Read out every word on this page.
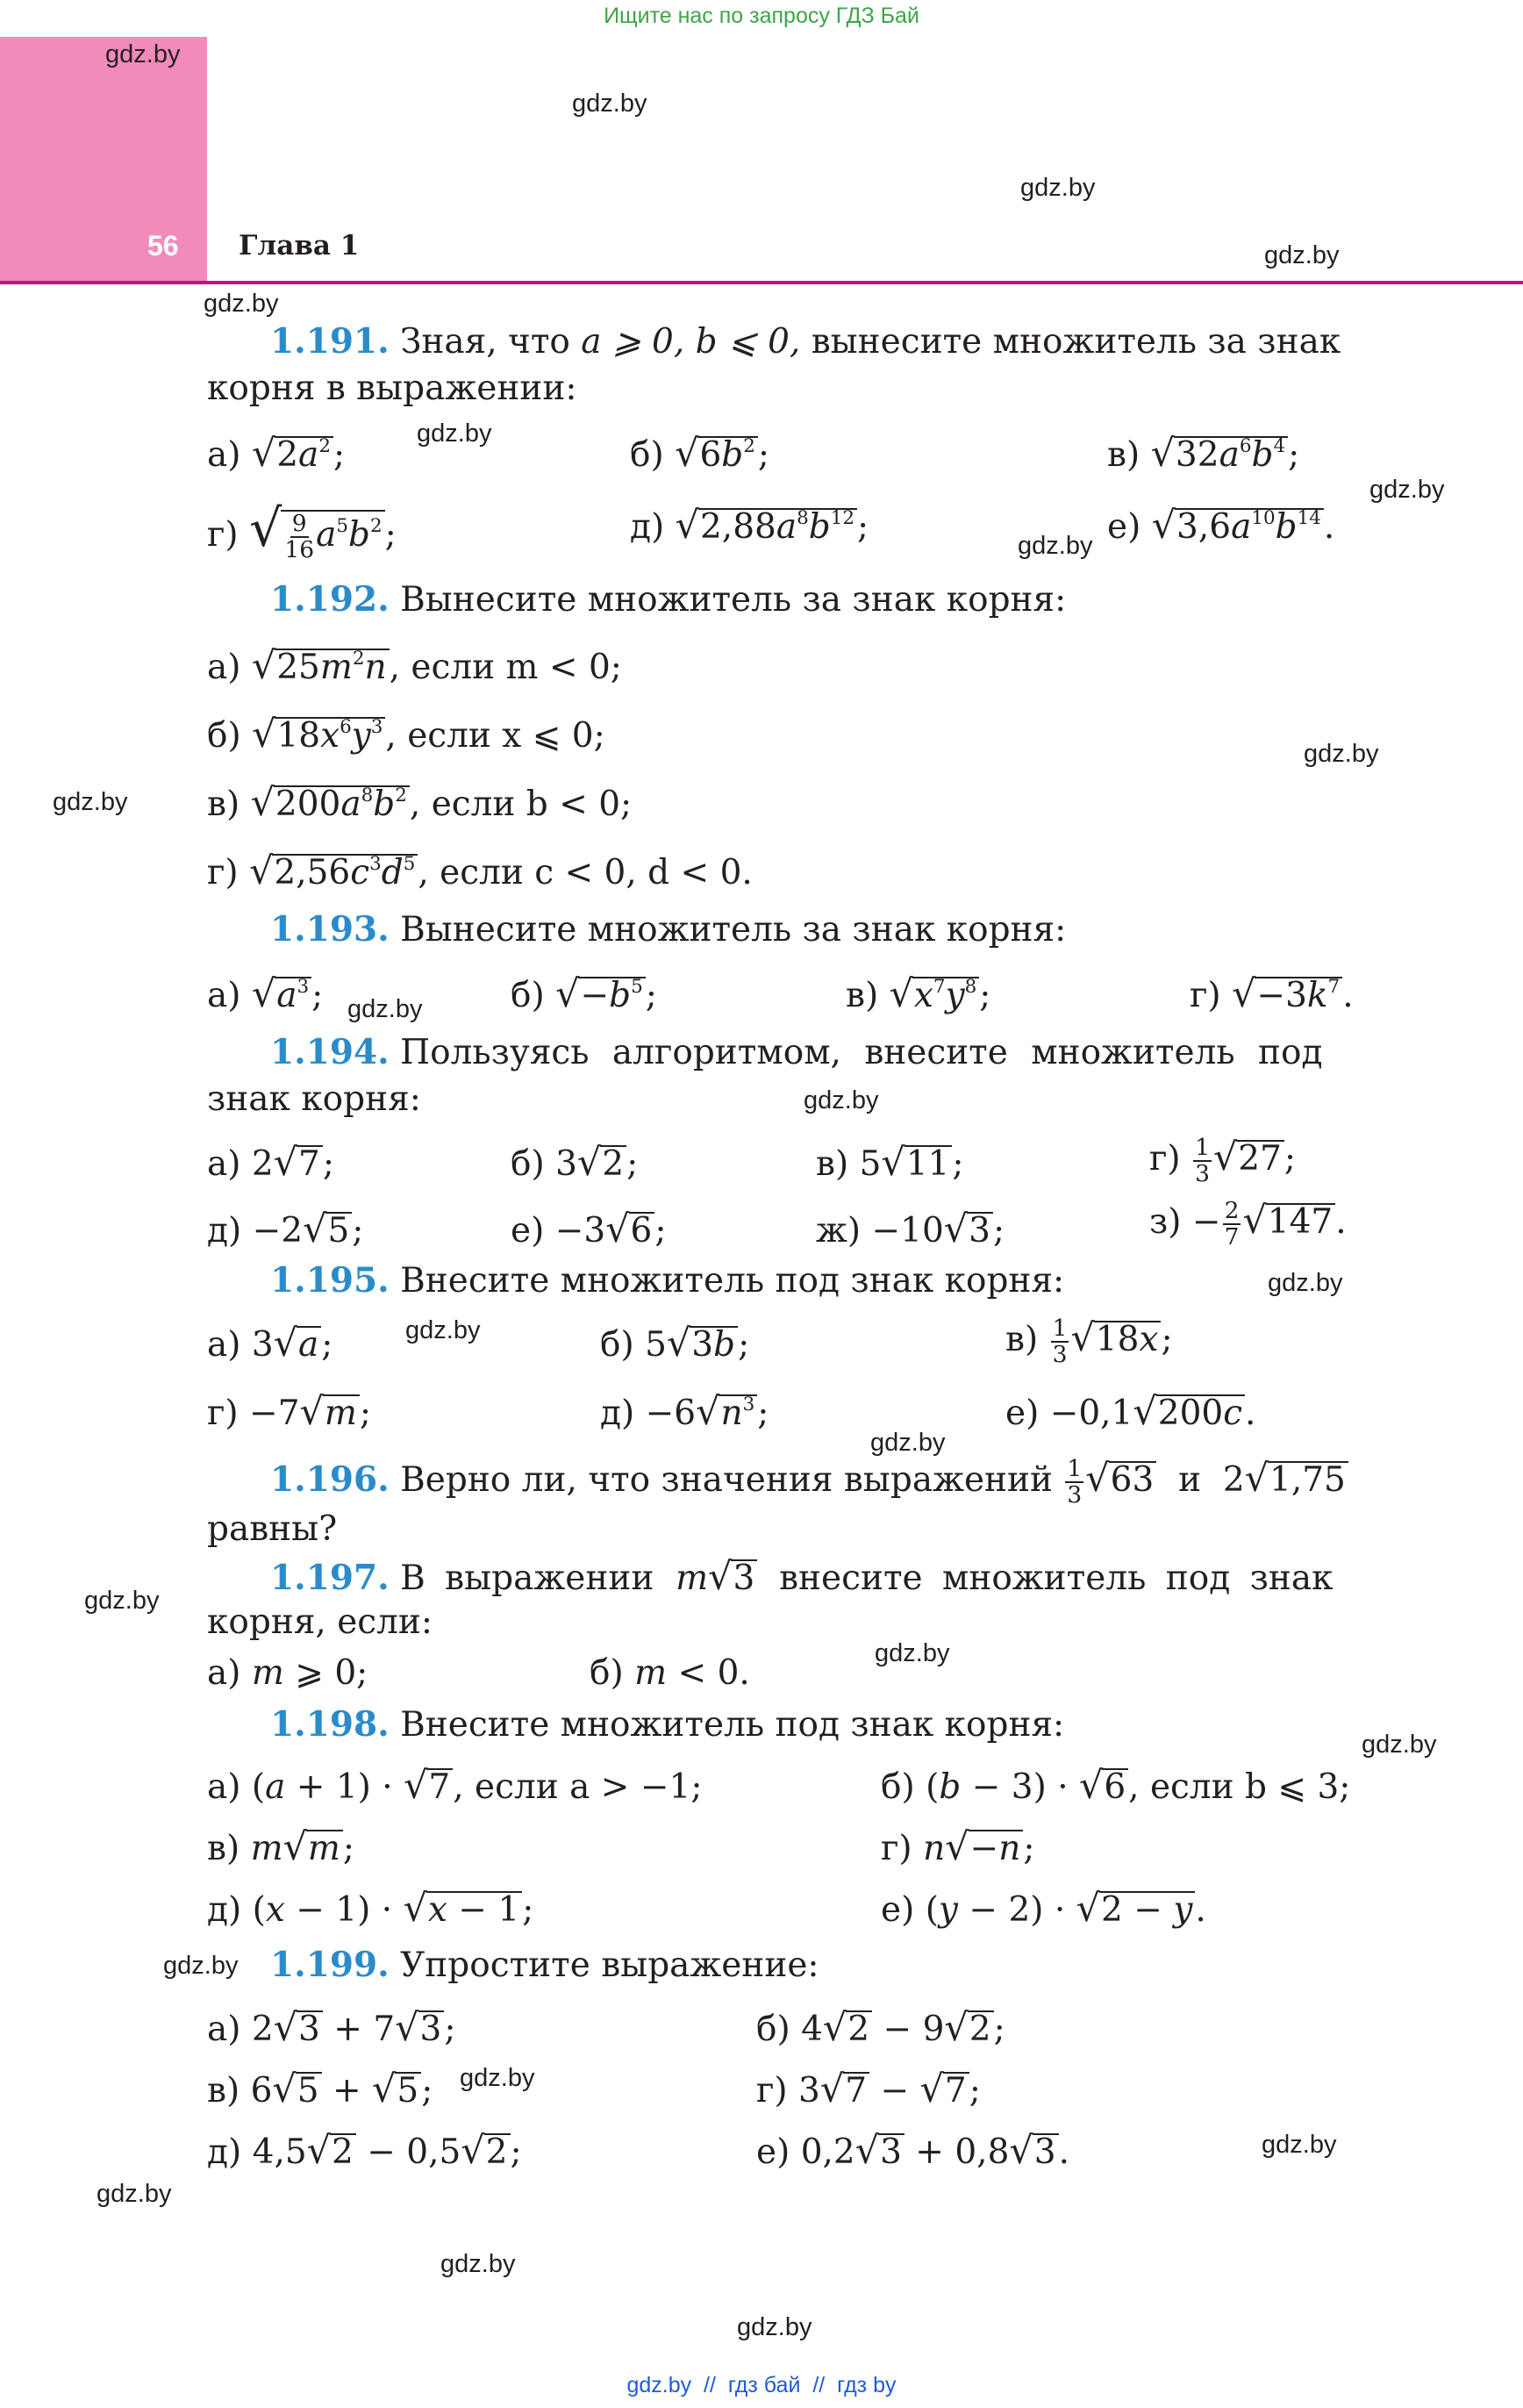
Ищите нас по запросу ГДЗ Бай
56 Глава 1
gdz.by
gdz.by
gdz.by
gdz.by
gdz.by
gdz.by
gdz.by
gdz.by
gdz.by
gdz.by
gdz.by
gdz.by
gdz.by
gdz.by
gdz.by
gdz.by
gdz.by
gdz.by
gdz.by
gdz.by
gdz.by
gdz.by
gdz.by
gdz.by
1.191. Зная, что a ⩾ 0, b ⩽ 0, вынесите множитель за знак
корня в выражении:
а) $√2a^2$;	б) $√6b^2$;	в) $√32a^6b^4$;
г) √ $\frac{9}{16} a^5b^2$;	д) $√2,88a^8b^{12}$;	е) $√3,6a^{10}b^{14}$.
1.192. Вынесите множитель за знак корня:
а) $√25m^2n$, если m < 0;
б) $√18x^6y^3$, если x ⩽ 0;
в) $√200a^8b^2$, если b < 0;
г) $√2,56c^3d^5$, если c < 0, d < 0.
1.193. Вынесите множитель за знак корня:
а) $√a^3$;	б) $√-b^5$;	в) $√x^7y^8$;	г) $√-3k^7$.
1.194. Пользуясь алгоритмом, внесите множитель под
знак корня:
а) 2√7;	б) 3√2;	в) 5√11;	$г) \frac{1}{3} √27$;
д) −2√5;	е) −3√6;	ж) −10√3;	$з) - \frac{2}{7} √147$.
1.195. Внесите множитель под знак корня:
а) 3√a;	б) 5√3b;	$в) \frac{1}{3} √18x$;
г) −7√m;	$д) -6√n^3$;	е) −0,1√200c.
1.196. Верно ли, что значения выражений $\frac{1}{3} √63$ и  2√1,75
равны?
1.197. В выражении m√3 внесите множитель под знак
корня, если:
а) m ⩾ 0;	б) m < 0.
1.198. Внесите множитель под знак корня:
а) (a + 1) · √7, если a > −1;	б) (b − 3) · √6, если b ⩽ 3;
в) m√m;	г) n√−n;
д) (x − 1) · √x − 1;	е) (y − 2) · √2 − y.
1.199. Упростите выражение:
а) 2√3 + 7√3;	б) 4√2 − 9√2;
в) 6√5 + √5;	г) 3√7 − √7;
д) 4,5√2 − 0,5√2;	е) 0,2√3 + 0,8√3.
gdz.by  //  гдз бай  //  гдз by
